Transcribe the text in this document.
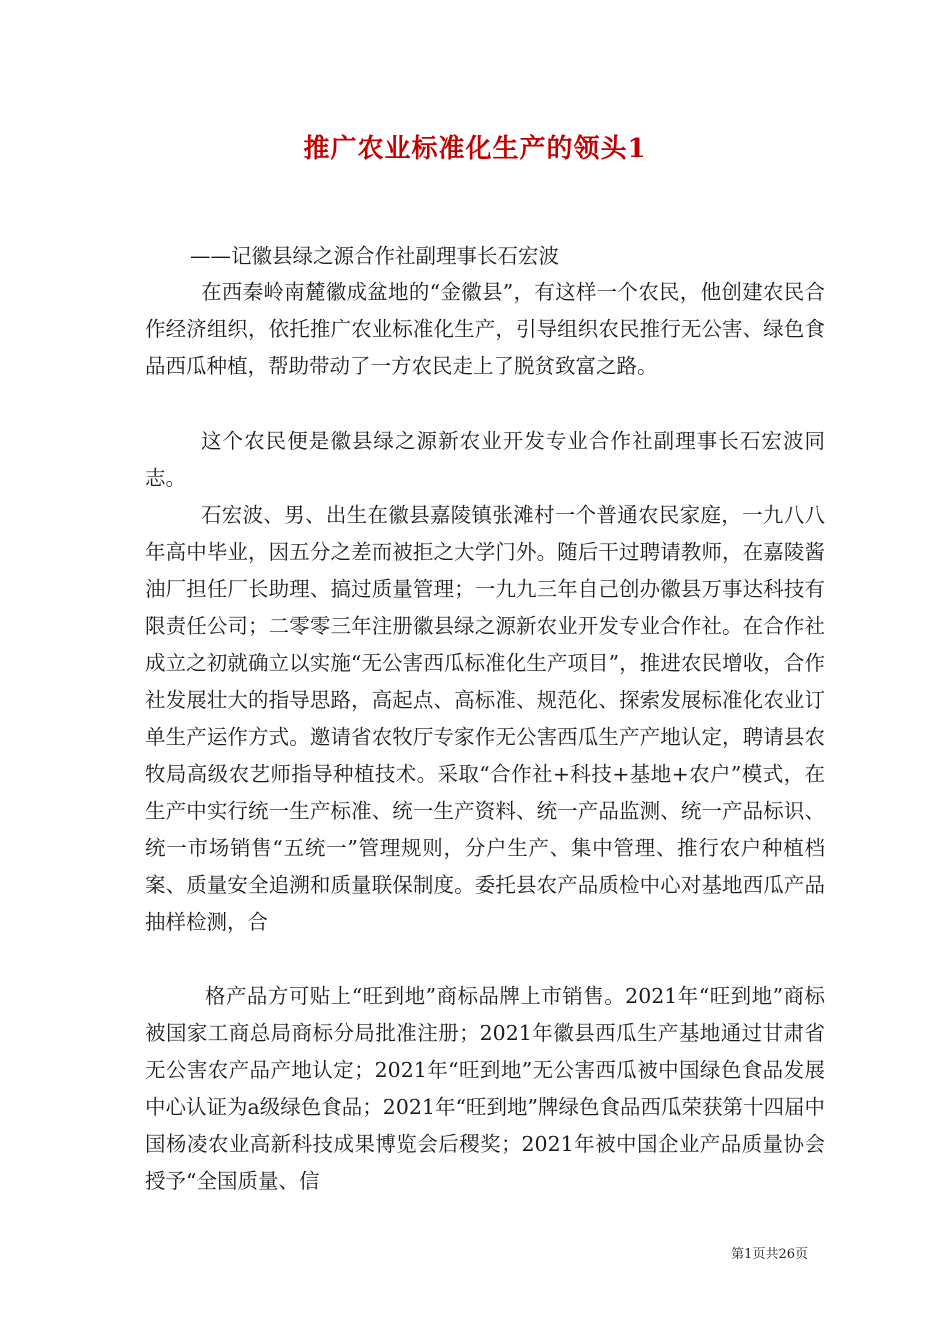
推广农业标准化生产的领头1

——记徽县绿之源合作社副理事长石宏波

在西秦岭南麓徽成盆地的“金徽县”，有这样一个农民，他创建农民合作经济组织，依托推广农业标准化生产，引导组织农民推行无公害、绿色食品西瓜种植，帮助带动了一方农民走上了脱贫致富之路。

这个农民便是徽县绿之源新农业开发专业合作社副理事长石宏波同志。

石宏波、男、出生在徽县嘉陵镇张滩村一个普通农民家庭，一九八八年高中毕业，因五分之差而被拒之大学门外。随后干过聘请教师，在嘉陵酱油厂担任厂长助理、搞过质量管理；一九九三年自己创办徽县万事达科技有限责任公司；二零零三年注册徽县绿之源新农业开发专业合作社。在合作社成立之初就确立以实施“无公害西瓜标准化生产项目”，推进农民增收，合作社发展壮大的指导思路，高起点、高标准、规范化、探索发展标准化农业订单生产运作方式。邀请省农牧厅专家作无公害西瓜生产产地认定，聘请县农牧局高级农艺师指导种植技术。采取“合作社+科技+基地+农户”模式，在生产中实行统一生产标准、统一生产资料、统一产品监测、统一产品标识、统一市场销售“五统一”管理规则，分户生产、集中管理、推行农户种植档案、质量安全追溯和质量联保制度。委托县农产品质检中心对基地西瓜产品抽样检测，合

格产品方可贴上“旺到地”商标品牌上市销售。2021年“旺到地”商标被国家工商总局商标分局批准注册；2021年徽县西瓜生产基地通过甘肃省无公害农产品产地认定；2021年“旺到地”无公害西瓜被中国绿色食品发展中心认证为a级绿色食品；2021年“旺到地”牌绿色食品西瓜荣获第十四届中国杨凌农业高新科技成果博览会后稷奖；2021年被中国企业产品质量协会授予“全国质量、信

第1页共26页
